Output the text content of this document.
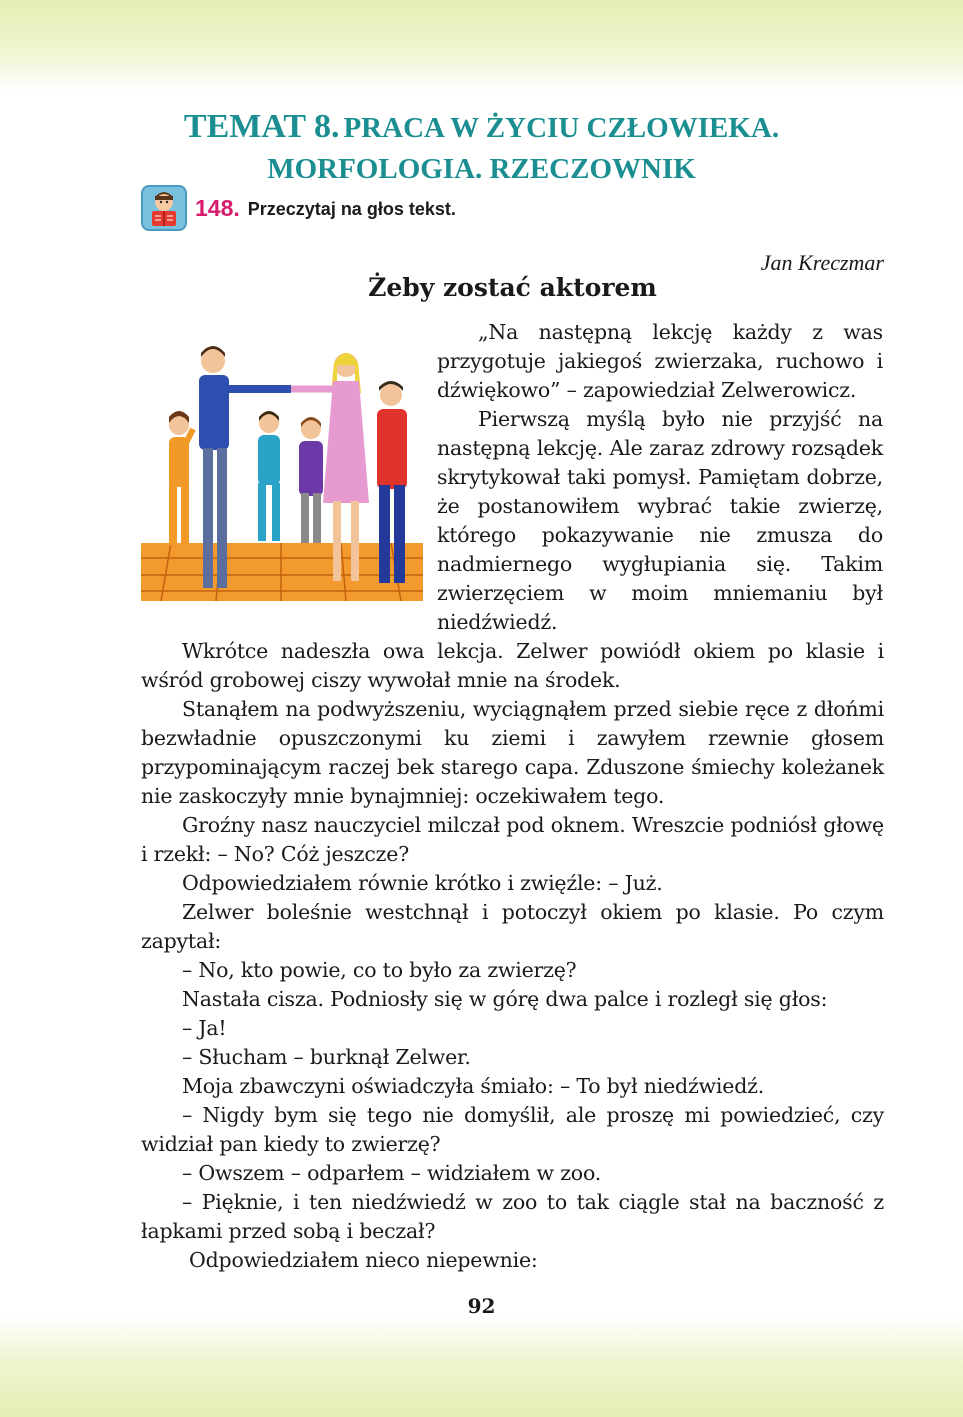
TEMAT 8. PRACA W ŻYCIU CZŁOWIEKA.
MORFOLOGIA. RZECZOWNIK
148. Przeczytaj na głos tekst.
Jan Kreczmar
Żeby zostać aktorem

„Na następną lekcję każdy z was przygotuje jakiegoś zwierzaka, ruchowo i dźwiękowo” – zapowiedział Zelwerowicz.

Pierwszą myślą było nie przyjść na następną lekcję. Ale zaraz zdrowy rozsądek skrytykował taki pomysł. Pamiętam dobrze, że postanowiłem wybrać takie zwierzę, którego pokazywanie nie zmusza do nadmiernego wygłupiania się. Takim zwierzęciem w moim mniemaniu był niedźwiedź.

Wkrótce nadeszła owa lekcja. Zelwer powiódł okiem po klasie i wśród grobowej ciszy wywołał mnie na środek.

Stanąłem na podwyższeniu, wyciągnąłem przed siebie ręce z dłońmi bezwładnie opuszczonymi ku ziemi i zawyłem rzewnie głosem przypominającym raczej bek starego capa. Zduszone śmiechy koleżanek nie zaskoczyły mnie bynajmniej: oczekiwałem tego.

Groźny nasz nauczyciel milczał pod oknem. Wreszcie podniósł głowę i rzekł: – No? Cóż jeszcze?

Odpowiedziałem równie krótko i zwięźle: – Już.

Zelwer boleśnie westchnął i potoczył okiem po klasie. Po czym zapytał:

– No, kto powie, co to było za zwierzę?

Nastała cisza. Podniosły się w górę dwa palce i rozległ się głos:

– Ja!

– Słucham – burknął Zelwer.

Moja zbawczyni oświadczyła śmiało: – To był niedźwiedź.

– Nigdy bym się tego nie domyślił, ale proszę mi powiedzieć, czy widział pan kiedy to zwierzę?

– Owszem – odparłem – widziałem w zoo.

– Pięknie, i ten niedźwiedź w zoo to tak ciągle stał na baczność z łapkami przed sobą i beczał?

Odpowiedziałem nieco niepewnie:

92
